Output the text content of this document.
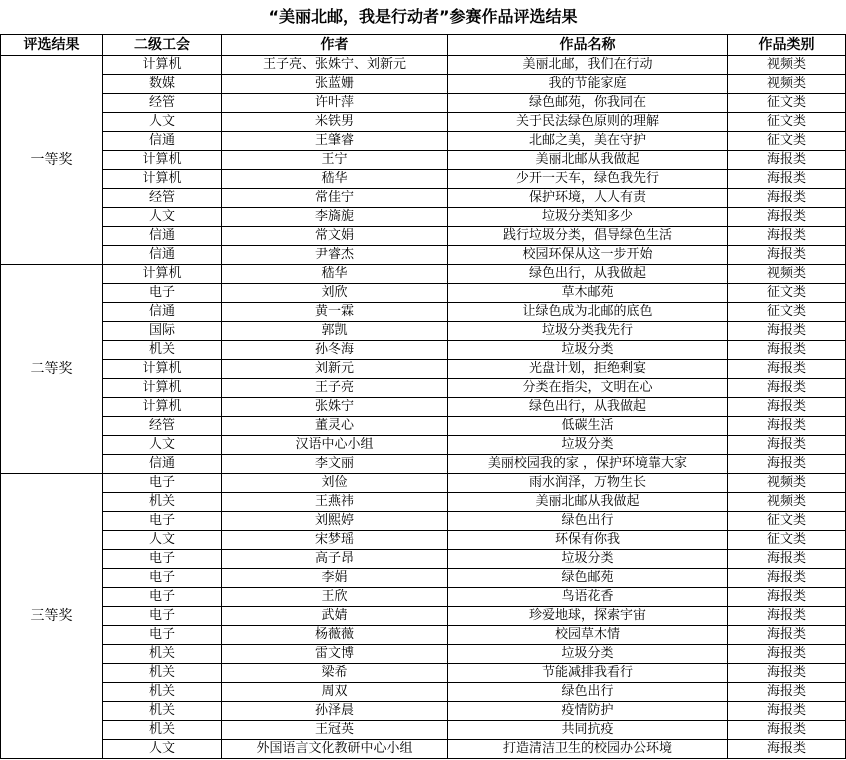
“美丽北邮，我是行动者”参赛作品评选结果
评选结果	二级工会	作者	作品名称	作品类别
一等奖	计算机	王子亮、张姝宁、刘新元	美丽北邮，我们在行动	视频类
	数媒	张蓝姗	我的节能家庭	视频类
	经管	许叶萍	绿色邮苑，你我同在	征文类
	人文	米铁男	关于民法绿色原则的理解	征文类
	信通	王肇睿	北邮之美，美在守护	征文类
	计算机	王宁	美丽北邮从我做起	海报类
	计算机	嵇华	少开一天车，绿色我先行	海报类
	经管	常佳宁	保护环境，人人有责	海报类
	人文	李旖旎	垃圾分类知多少	海报类
	信通	常文娟	践行垃圾分类，倡导绿色生活	海报类
	信通	尹睿杰	校园环保从这一步开始	海报类
二等奖	计算机	嵇华	绿色出行，从我做起	视频类
	电子	刘欣	草木邮苑	征文类
	信通	黄一霖	让绿色成为北邮的底色	征文类
	国际	郭凯	垃圾分类我先行	海报类
	机关	孙冬海	垃圾分类	海报类
	计算机	刘新元	光盘计划，拒绝剩宴	海报类
	计算机	王子亮	分类在指尖，文明在心	海报类
	计算机	张姝宁	绿色出行，从我做起	海报类
	经管	董灵心	低碳生活	海报类
	人文	汉语中心小组	垃圾分类	海报类
	信通	李文丽	美丽校园我的家 ，保护环境靠大家	海报类
三等奖	电子	刘俭	雨水润泽，万物生长	视频类
	机关	王燕祎	美丽北邮从我做起	视频类
	电子	刘熙婷	绿色出行	征文类
	人文	宋梦瑶	环保有你我	征文类
	电子	高子昂	垃圾分类	海报类
	电子	李娟	绿色邮苑	海报类
	电子	王欣	鸟语花香	海报类
	电子	武婧	珍爱地球，探索宇宙	海报类
	电子	杨薇薇	校园草木情	海报类
	机关	雷文博	垃圾分类	海报类
	机关	梁希	节能减排我看行	海报类
	机关	周双	绿色出行	海报类
	机关	孙泽晨	疫情防护	海报类
	机关	王冠英	共同抗疫	海报类
	人文	外国语言文化教研中心小组	打造清洁卫生的校园办公环境	海报类
